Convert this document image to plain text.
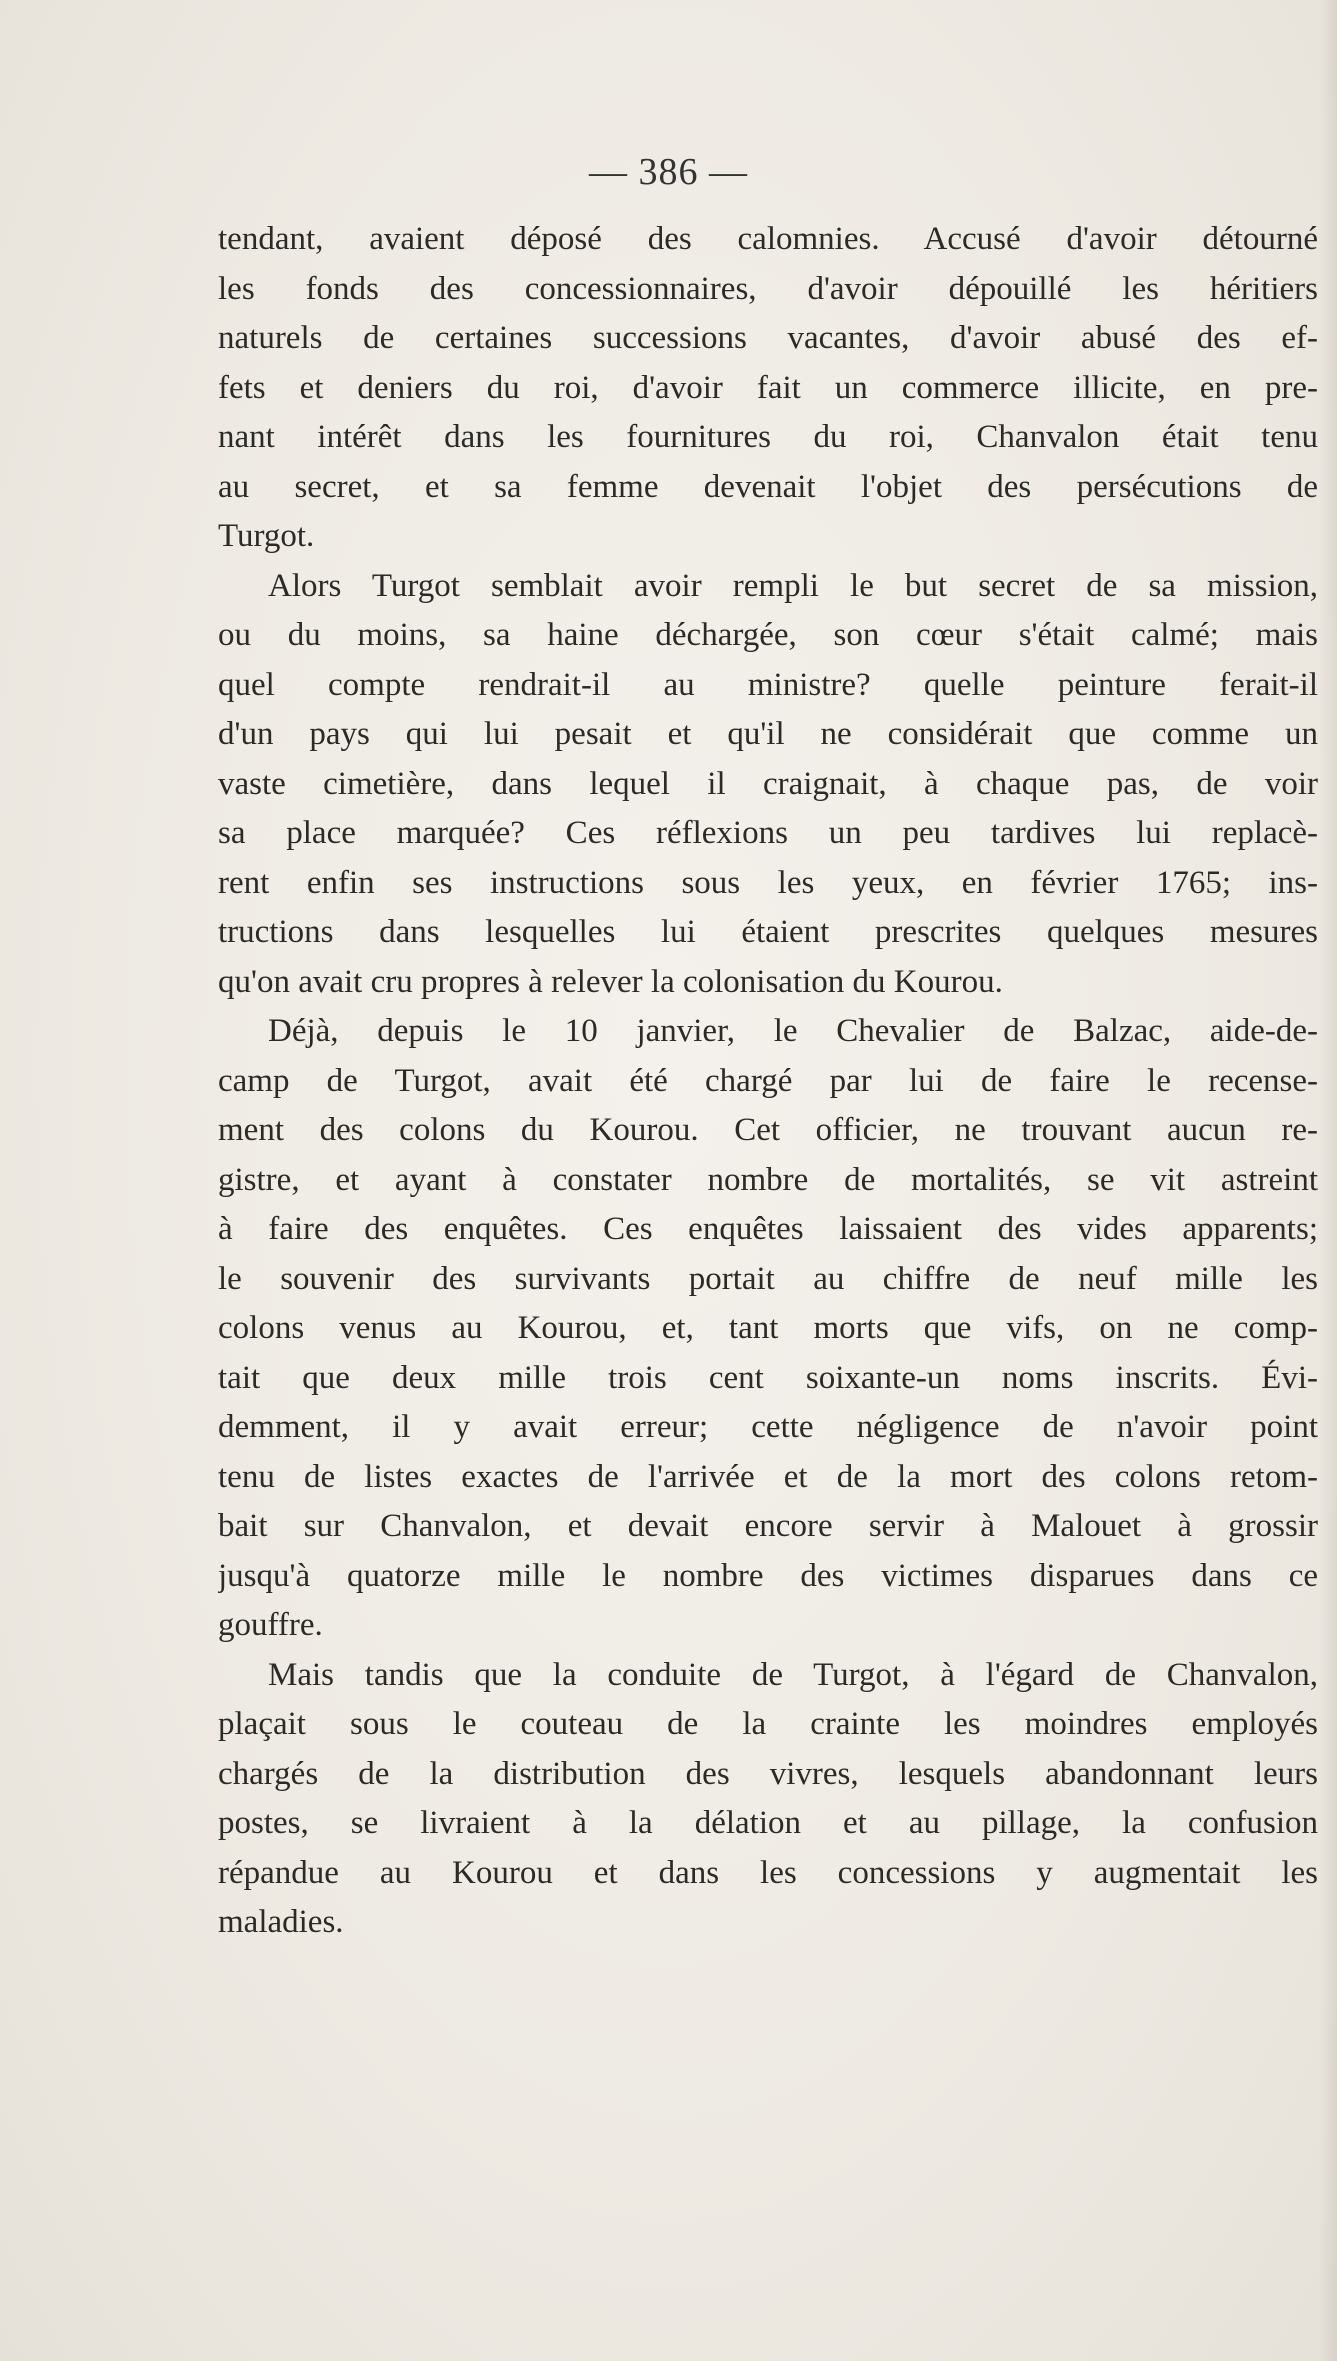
— 386 —
tendant, avaient déposé des calomnies. Accusé d'avoir détourné
les fonds des concessionnaires, d'avoir dépouillé les héritiers
naturels de certaines successions vacantes, d'avoir abusé des ef-
fets et deniers du roi, d'avoir fait un commerce illicite, en pre-
nant intérêt dans les fournitures du roi, Chanvalon était tenu
au secret, et sa femme devenait l'objet des persécutions de
Turgot.
Alors Turgot semblait avoir rempli le but secret de sa mission,
ou du moins, sa haine déchargée, son cœur s'était calmé; mais
quel compte rendrait-il au ministre? quelle peinture ferait-il
d'un pays qui lui pesait et qu'il ne considérait que comme un
vaste cimetière, dans lequel il craignait, à chaque pas, de voir
sa place marquée? Ces réflexions un peu tardives lui replacè-
rent enfin ses instructions sous les yeux, en février 1765; ins-
tructions dans lesquelles lui étaient prescrites quelques mesures
qu'on avait cru propres à relever la colonisation du Kourou.
Déjà, depuis le 10 janvier, le Chevalier de Balzac, aide-de-
camp de Turgot, avait été chargé par lui de faire le recense-
ment des colons du Kourou. Cet officier, ne trouvant aucun re-
gistre, et ayant à constater nombre de mortalités, se vit astreint
à faire des enquêtes. Ces enquêtes laissaient des vides apparents;
le souvenir des survivants portait au chiffre de neuf mille les
colons venus au Kourou, et, tant morts que vifs, on ne comp-
tait que deux mille trois cent soixante-un noms inscrits. Évi-
demment, il y avait erreur; cette négligence de n'avoir point
tenu de listes exactes de l'arrivée et de la mort des colons retom-
bait sur Chanvalon, et devait encore servir à Malouet à grossir
jusqu'à quatorze mille le nombre des victimes disparues dans ce
gouffre.
Mais tandis que la conduite de Turgot, à l'égard de Chanvalon,
plaçait sous le couteau de la crainte les moindres employés
chargés de la distribution des vivres, lesquels abandonnant leurs
postes, se livraient à la délation et au pillage, la confusion
répandue au Kourou et dans les concessions y augmentait les
maladies.
